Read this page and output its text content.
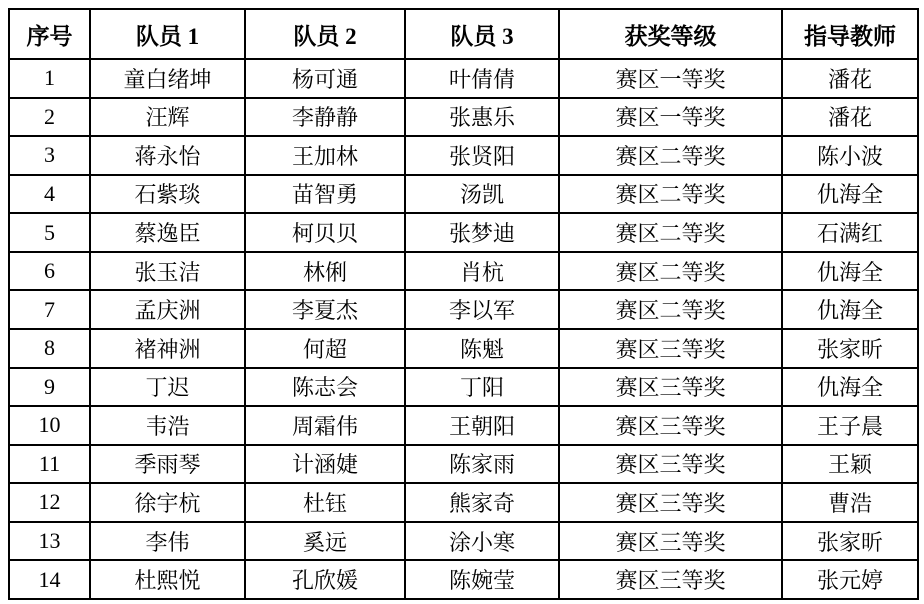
序号	队员 1	队员 2	队员 3	获奖等级	指导教师
1	童白绪坤	杨可通	叶倩倩	赛区一等奖	潘花
2	汪辉	李静静	张惠乐	赛区一等奖	潘花
3	蒋永怡	王加林	张贤阳	赛区二等奖	陈小波
4	石紫琰	苗智勇	汤凯	赛区二等奖	仇海全
5	蔡逸臣	柯贝贝	张梦迪	赛区二等奖	石满红
6	张玉洁	林俐	肖杭	赛区二等奖	仇海全
7	孟庆洲	李夏杰	李以军	赛区二等奖	仇海全
8	褚神洲	何超	陈魁	赛区三等奖	张家昕
9	丁迟	陈志会	丁阳	赛区三等奖	仇海全
10	韦浩	周霜伟	王朝阳	赛区三等奖	王子晨
11	季雨琴	计涵婕	陈家雨	赛区三等奖	王颖
12	徐宇杭	杜钰	熊家奇	赛区三等奖	曹浩
13	李伟	奚远	涂小寒	赛区三等奖	张家昕
14	杜熙悦	孔欣媛	陈婉莹	赛区三等奖	张元婷
